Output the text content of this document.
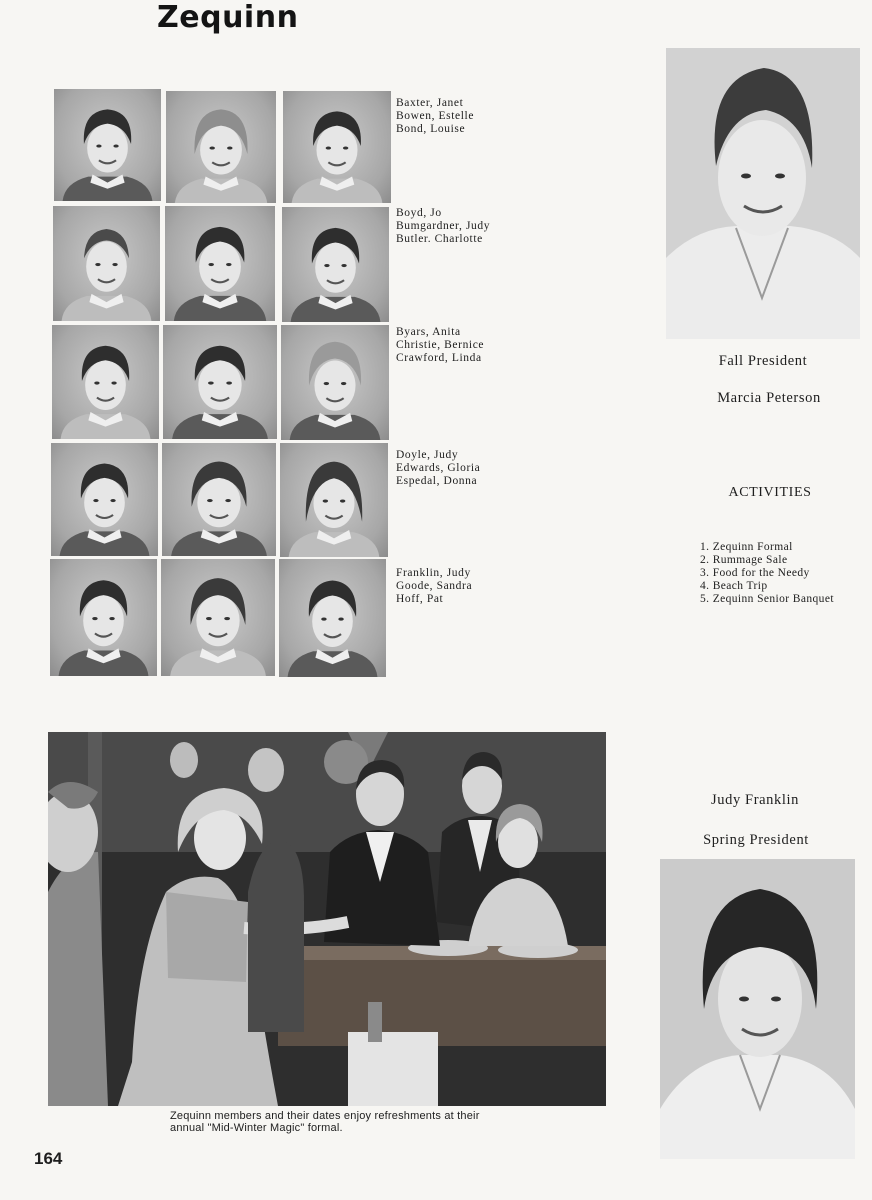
Zequinn
Baxter, Janet
Bowen, Estelle
Bond, Louise
Boyd, Jo
Bumgardner, Judy
Butler. Charlotte
Byars, Anita
Christie, Bernice
Crawford, Linda
Doyle, Judy
Edwards, Gloria
Espedal, Donna
Franklin, Judy
Goode, Sandra
Hoff, Pat
Fall President
Marcia Peterson
ACTIVITIES
1. Zequinn Formal
2. Rummage Sale
3. Food for the Needy
4. Beach Trip
5. Zequinn Senior Banquet
Zequinn members and their dates enjoy refreshments at their
annual "Mid-Winter Magic" formal.
Judy Franklin
Spring President
164
